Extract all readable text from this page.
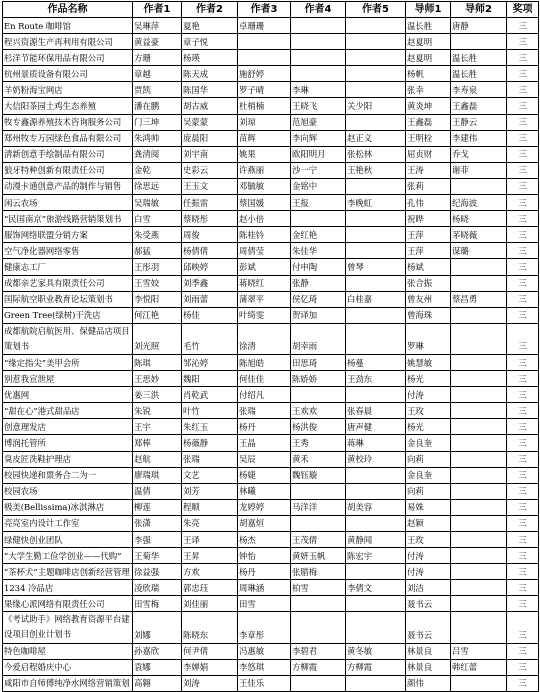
作品名称	作者1	作者2	作者3	作者4	作者5	导师1	导师2	奖项
En Route 咖啡馆	吴琳萍	夏艳	卓珊珊			温长胜	唐静	三
程兴资源生产再利用有限公司	黄益豪	章子悦				赵夏明		三
杉洋节能环保用品有限公司	方珊	杨瑛				赵夏明	温长胜	三
杭州景质设备有限公司	章越	陈天成	施舒婷			杨帆	温长胜	三
羊奶粉海宝网店	贾凯	陈国华	罗子晴	李琳		张幸	李寿泉	三
大信阳茶园土鸡生态养殖	潘在鹏	胡古威	杜梢楠	王晓飞	关少阳	黄炎坤	王鑫磊	三
牧专鑫源养殖技术咨询服务公司	门三坤	吴蒙蒙	刘琼	范旭豪		王鑫磊	王静云	三
郑州牧专万园绿色食品有限公司	朱鸿帅	庞晨阳	苗辉	李向辉	赵正义	王明栓	李建伟	三
清新创意手绘制品有限公司	龚清阅	刘宇南	姚果	欧阳明月	张松林	屈贞财	乔戈	三
狼牙特种创新有限责任公司	金乾	史彩云	许燕丽	沙一宁	王艳秋	王涛	谢菲	三
动漫卡通创意产品的制作与销售	徐思远	王玉文	邓毓敏	金铭中		张莉		三
闲云农场	吴瑞敏	任振雷	蔡国媛	王报	李晚虹	孔伟	纪海波	三
“民国南京”旅游线路营销策划书	白雪	蔡晓彤	赵小倍			祝晔	杨晓	三
服饰网络联盟分销方案	朱受燕	周俊	陈桂钤	金红艳		王萍	茅晓薇	三
空气净化器网络零售	郝猛	杨倩倩	周倩莹	朱佳华		王萍	谋璐	三
健康志工厂	王彤羽	邱映婷	彭斌	付申陶	曾琴	杨斌		三
成都亲艺家具有限责任公司	王雪姣	刘季鑫	蒋晓红	张静		张合振		三
国际航空职业教育论坛策划书	李悦阳	刘雨蕾	蒲翠平	侯亿琦	白桂嘉	曾友州	蔡昌勇	三
Green Tree(绿树)干洗店	何江艳	杨佳	叶绮雯	贺译加		曾海珠		三
成都航院启航医用、保健品店项目策划书	刘光照	毛竹	徐清	胡幸雨		罗琳		三
“缘定指尖”美甲会所	陈琪	邹沁婷	陈旭皓	田思琦	杨蔓	姚慧敏		三
别惹我宣泄屋	王思妙	魏阳	何佳佳	陈娇娇	王劲东	杨光		三
优惠网	姜三洪	肖乾武	付绍凡			付涛		三
“甜在心”港式甜品店	朱锐	叶竹	张瑞	王欢欢	张春晨	王玫		三
创意理发店	王宇	朱红玉	杨丹	杨洪俊	唐声健	杨光		三
博润托管所	郑棒	杨薇静	王晶	王秀	蒋琳	金良奎		三
臭皮匠洗鞋护理店	赵航	张瑞	吴辰	黄禾	黄校玲	向莉		三
校园快递和票务合二为一	廖瑞琪	文艺	杨婕	魏钰璇		金良奎		三
校园农场	温倩	刘芳	林曦			向莉		三
极美(Bellissima)冰淇淋店	柳莲	程顺	龙婷婷	马洋洋	胡美容	易姝		三
亮亮室内设计工作室	张潇	朱亮	胡嘉烜			赵颖		三
绿健快创业团队	李强	王译	杨杰	王茂倩	黄静闻	王玫		三
“大学生勤工俭学创业——代购”	王菊华	王昇	钟怡	黄妍玉帆	陈宏宇	付涛		三
“茶杯犬”主题咖啡店创新经营管理	徐益强	方欢	杨丹	张腊梅		付涛		三
1234 冷品店	凌欣瑞	郭忠珏	周琳涵	柏雪	李倩文	刘洁		三
果缘心派网络有限责任公司	田雪梅	刘佳丽	田雪			聂书云		三
《考试助手》网络教育资源平台建设项目创业计划书	刘娜	陈晓东	李章彤			聂书云		三
特色咖啡屋	孙嘉欣	何尹倩	冯惠敏	李碧君	黄冬敏	林景良	吕雪	三
今爱启程婚庆中心	袁娜	李婵娟	李悠琪	方柳霞	方柳霞	林景良	韩红蕾	三
咸阳市自师傅纯净水网络营销策划	高翱	刘涛	王佳乐			颜伟		三
